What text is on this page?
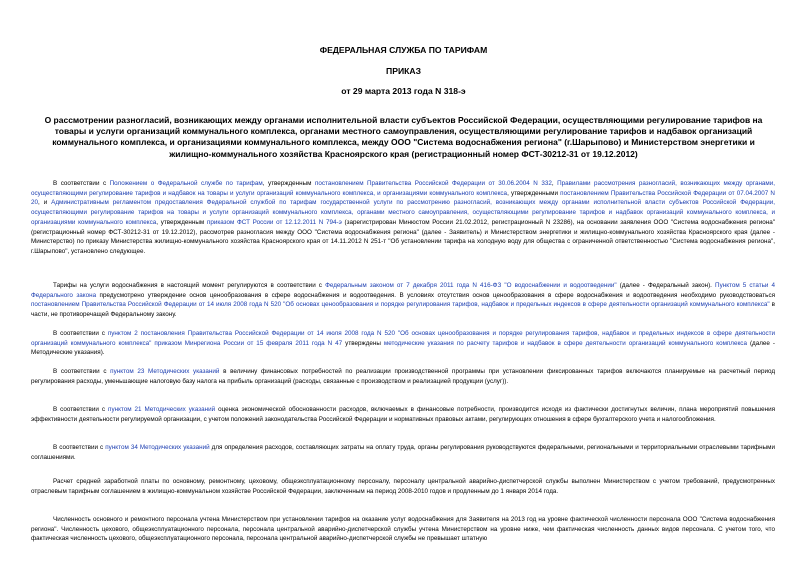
ФЕДЕРАЛЬНАЯ СЛУЖБА ПО ТАРИФАМ
ПРИКАЗ
от 29 марта 2013 года N 318-э
О рассмотрении разногласий, возникающих между органами исполнительной власти субъектов Российской Федерации, осуществляющими регулирование тарифов на товары и услуги организаций коммунального комплекса, органами местного самоуправления, осуществляющими регулирование тарифов и надбавок организаций коммунального комплекса, и организациями коммунального комплекса, между ООО "Система водоснабжения региона" (г.Шарыпово) и Министерством энергетики и жилищно-коммунального хозяйства Красноярского края (регистрационный номер ФСТ-30212-31 от 19.12.2012)
В соответствии с Положением о Федеральной службе по тарифам, утвержденным постановлением Правительства Российской Федерации от 30.06.2004 N 332, Правилами рассмотрения разногласий, возникающих между органами, осуществляющими регулирование тарифов и надбавок на товары и услуги организаций коммунального комплекса, и организациями коммунального комплекса, утвержденными постановлением Правительства Российской Федерации от 07.04.2007 N 20, и Административным регламентом предоставления Федеральной службой по тарифам государственной услуги по рассмотрению разногласий, возникающих между органами исполнительной власти субъектов Российской Федерации, осуществляющими регулирование тарифов на товары и услуги организаций коммунального комплекса, органами местного самоуправления, осуществляющими регулирование тарифов и надбавок организаций коммунального комплекса, и организациями коммунального комплекса, утвержденным приказом ФСТ России от 12.12.2011 N 794-э (зарегистрирован Минюстом России 21.02.2012, регистрационный N 23286), на основании заявления ООО "Система водоснабжения региона" (регистрационный номер ФСТ-30212-31 от 19.12.2012), рассмотрев разногласия между ООО "Система водоснабжения региона" (далее - Заявитель) и Министерством энергетики и жилищно-коммунального хозяйства Красноярского края (далее - Министерство) по приказу Министерства жилищно-коммунального хозяйства Красноярского края от 14.11.2012 N 251-т "Об установлении тарифа на холодную воду для общества с ограниченной ответственностью "Система водоснабжения региона", г.Шарыпово", установлено следующее.
Тарифы на услуги водоснабжения в настоящий момент регулируются в соответствии с Федеральным законом от 7 декабря 2011 года N 416-ФЗ "О водоснабжении и водоотведении" (далее - Федеральный закон). Пунктом 5 статьи 4 Федерального закона предусмотрено утверждение основ ценообразования в сфере водоснабжения и водоотведения. В условиях отсутствия основ ценообразования в сфере водоснабжения и водоотведения необходимо руководствоваться постановлением Правительства Российской Федерации от 14 июля 2008 года N 520 "Об основах ценообразования и порядке регулирования тарифов, надбавок и предельных индексов в сфере деятельности организаций коммунального комплекса" в части, не противоречащей Федеральному закону.
В соответствии с пунктом 2 постановления Правительства Российской Федерации от 14 июля 2008 года N 520 "Об основах ценообразования и порядке регулирования тарифов, надбавок и предельных индексов в сфере деятельности организаций коммунального комплекса" приказом Минрегиона России от 15 февраля 2011 года N 47 утверждены методические указания по расчету тарифов и надбавок в сфере деятельности организаций коммунального комплекса (далее - Методические указания).
В соответствии с пунктом 23 Методических указаний в величину финансовых потребностей по реализации производственной программы при установлении фиксированных тарифов включаются планируемые на расчетный период регулирования расходы, уменьшающие налоговую базу налога на прибыль организаций (расходы, связанные с производством и реализацией продукции (услуг)).
В соответствии с пунктом 21 Методических указаний оценка экономической обоснованности расходов, включаемых в финансовые потребности, производится исходя из фактически достигнутых величин, плана мероприятий повышения эффективности деятельности регулируемой организации, с учетом положений законодательства Российской Федерации и нормативных правовых актами, регулирующих отношения в сфере бухгалтерского учета и налогообложения.
В соответствии с пунктом 34 Методических указаний для определения расходов, составляющих затраты на оплату труда, органы регулирования руководствуются федеральными, региональными и территориальными отраслевыми тарифными соглашениями.
Расчет средней заработной платы по основному, ремонтному, цеховому, общеэксплуатационному персоналу, персоналу центральной аварийно-диспетчерской службы выполнен Министерством с учетом требований, предусмотренных отраслевым тарифным соглашением в жилищно-коммунальном хозяйстве Российской Федерации, заключенным на период 2008-2010 годов и продленным до 1 января 2014 года.
Численность основного и ремонтного персонала учтена Министерством при установлении тарифов на оказание услуг водоснабжения для Заявителя на 2013 год на уровне фактической численности персонала ООО "Система водоснабжения региона". Численность цехового, общеэксплуатационного персонала, персонала центральной аварийно-диспетчерской службы учтена Министерством на уровне ниже, чем фактическая численность данных видов персонала. С учетом того, что фактическая численность цехового, общеэксплуатационного персонала, персонала центральной аварийно-диспетчерской службы не превышает штатную
